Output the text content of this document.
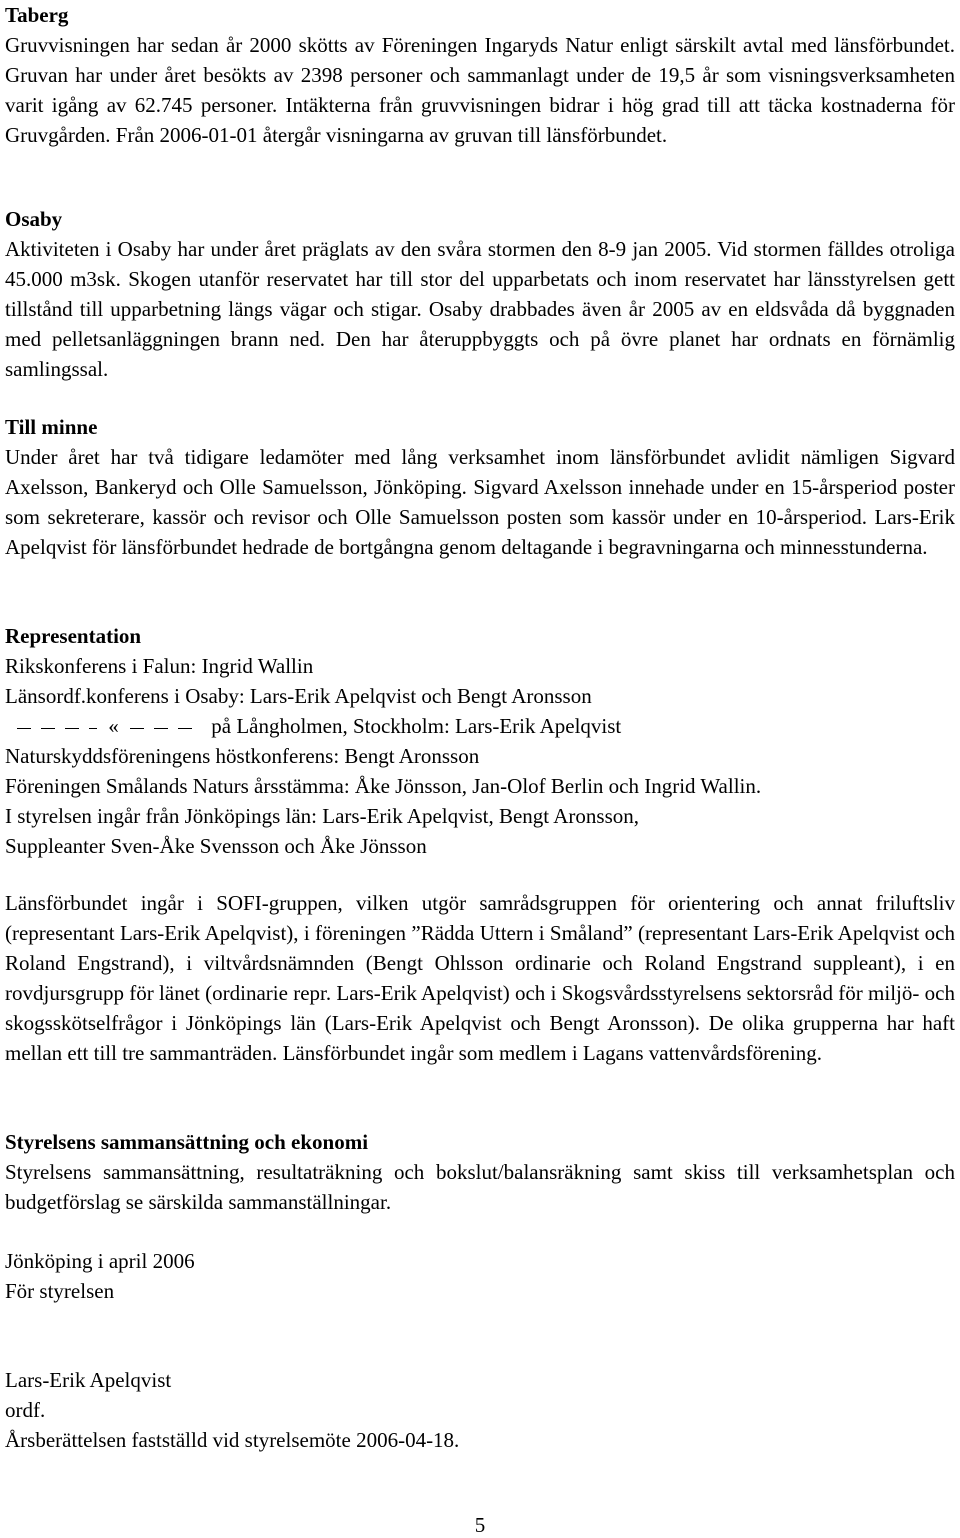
Taberg
Gruvvisningen har sedan år 2000 skötts av Föreningen Ingaryds Natur enligt särskilt avtal med länsförbundet. Gruvan har under året besökts av 2398 personer och sammanlagt under de 19,5 år som visningsverksamheten varit igång av 62.745 personer. Intäkterna från gruvvisningen bidrar i hög grad till att täcka kostnaderna för Gruvgården. Från 2006-01-01 återgår visningarna av gruvan till länsförbundet.
Osaby
Aktiviteten i Osaby har under året präglats av den svåra stormen den 8-9 jan 2005. Vid stormen fälldes otroliga 45.000 m3sk. Skogen utanför reservatet har till stor del upparbetats och inom reservatet har länsstyrelsen gett tillstånd till upparbetning längs vägar och stigar. Osaby drabbades även år 2005 av en eldsvåda då byggnaden med pelletsanläggningen brann ned. Den har återuppbyggts och på övre planet har ordnats en förnämlig samlingssal.
Till minne
Under året har två tidigare ledamöter med lång verksamhet inom länsförbundet avlidit nämligen Sigvard Axelsson, Bankeryd och Olle Samuelsson, Jönköping. Sigvard Axelsson innehade under en 15-årsperiod poster som sekreterare, kassör och revisor och Olle Samuelsson posten som kassör under en 10-årsperiod. Lars-Erik Apelqvist för länsförbundet hedrade de bortgångna genom deltagande i begravningarna och minnesstunderna.
Representation
Rikskonferens i Falun: Ingrid Wallin
Länsordf.konferens i Osaby: Lars-Erik Apelqvist och Bengt Aronsson
«	på Långholmen, Stockholm: Lars-Erik Apelqvist
Naturskyddsföreningens höstkonferens: Bengt Aronsson
Föreningen Smålands Naturs årsstämma: Åke Jönsson, Jan-Olof Berlin och Ingrid Wallin.
I styrelsen ingår från Jönköpings län: Lars-Erik Apelqvist, Bengt Aronsson,
Suppleanter Sven-Åke Svensson och Åke Jönsson
Länsförbundet ingår i SOFI-gruppen, vilken utgör samrådsgruppen för orientering och annat friluftsliv (representant Lars-Erik Apelqvist), i föreningen ”Rädda Uttern i Småland” (representant Lars-Erik Apelqvist och Roland Engstrand), i viltvårdsnämnden (Bengt Ohlsson ordinarie och Roland Engstrand suppleant), i en rovdjursgrupp för länet (ordinarie repr. Lars-Erik Apelqvist) och i Skogsvårdsstyrelsens sektorsråd för miljö- och skogsskötselfrågor i Jönköpings län (Lars-Erik Apelqvist och Bengt Aronsson). De olika grupperna har haft mellan ett till tre sammanträden. Länsförbundet ingår som medlem i Lagans vattenvårdsförening.
Styrelsens sammansättning och ekonomi
Styrelsens sammansättning, resultaträkning och bokslut/balansräkning samt skiss till verksamhetsplan och budgetförslag se särskilda sammanställningar.
Jönköping i april 2006
För styrelsen
Lars-Erik Apelqvist
ordf.
Årsberättelsen fastställd vid styrelsemöte 2006-04-18.
5
